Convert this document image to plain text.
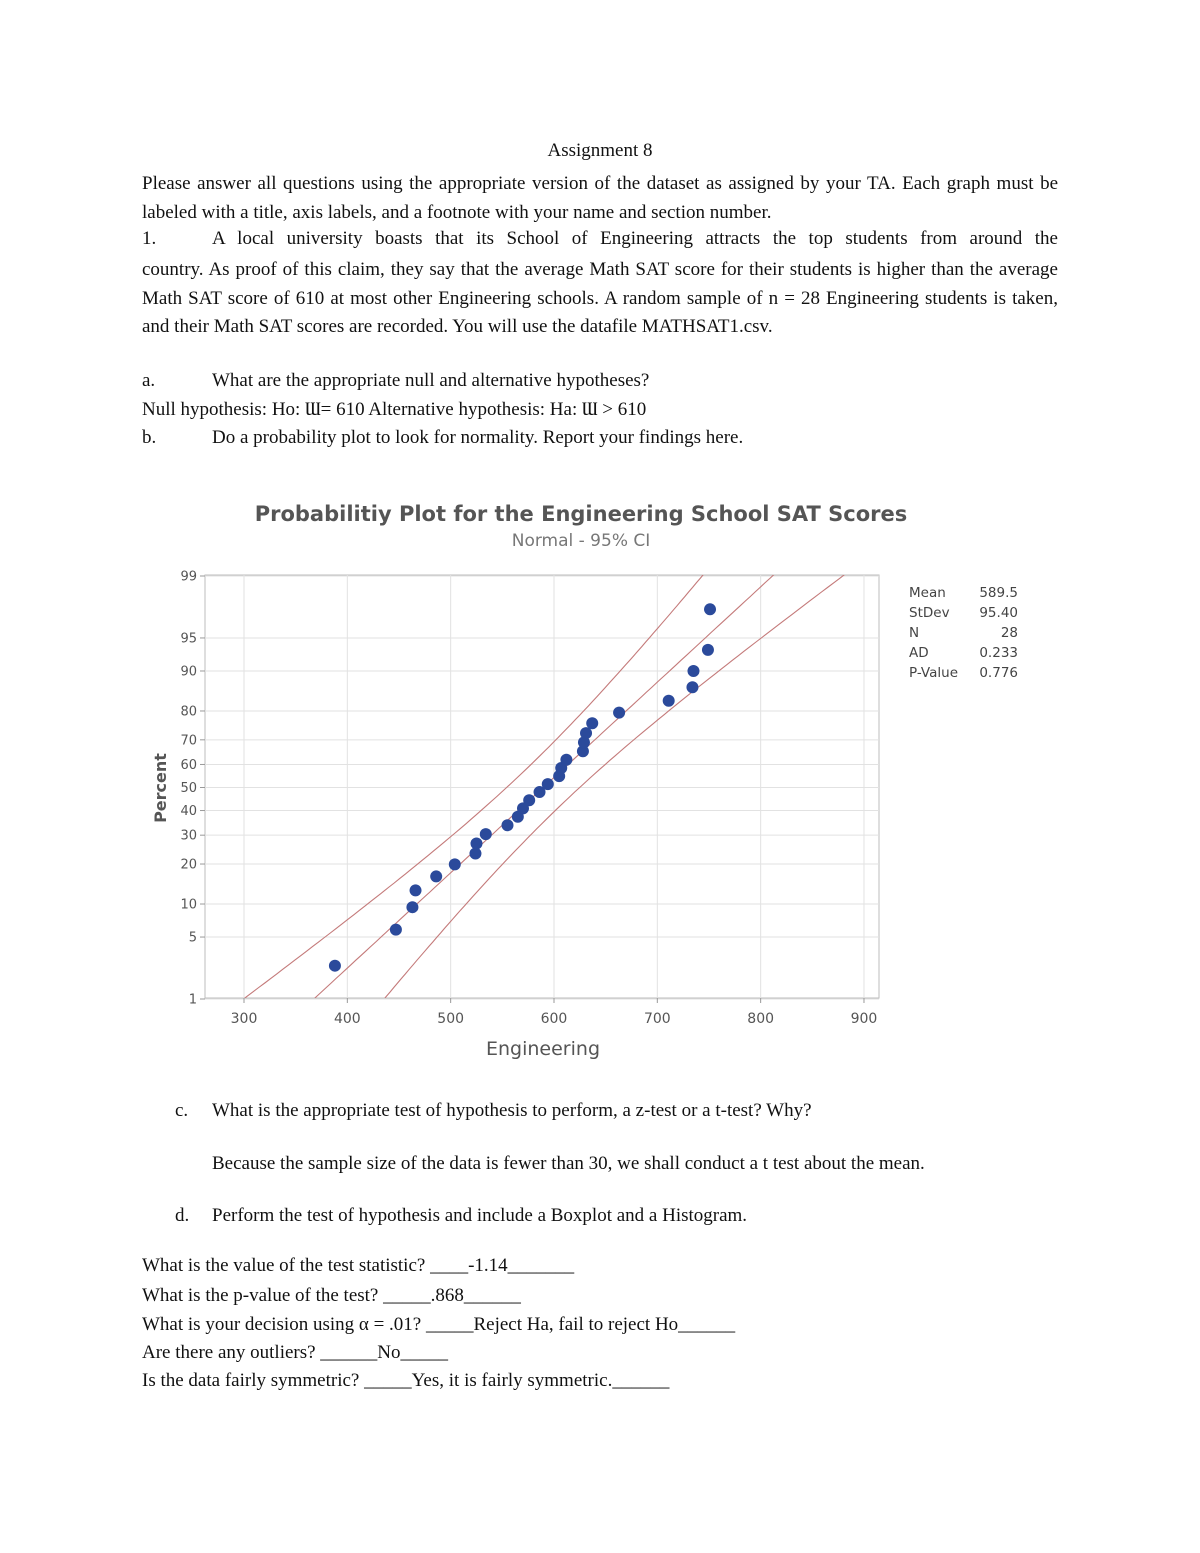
Assignment 8
Please answer all questions using the appropriate version of the dataset as assigned by your TA. Each graph must be labeled with a title, axis labels, and a footnote with your name and section number.
1.	A local university boasts that its School of Engineering attracts the top students from around the
country. As proof of this claim, they say that the average Math SAT score for their students is higher than the average Math SAT score of 610 at most other Engineering schools. A random sample of n = 28 Engineering students is taken, and their Math SAT scores are recorded. You will use the datafile MATHSAT1.csv.
a.	What are the appropriate null and alternative hypotheses?
Null hypothesis: Ho: Ɯ= 610 Alternative hypothesis: Ha: Ɯ > 610
b.	Do a probability plot to look for normality. Report your findings here.
Probabilitiy Plot for the Engineering School SAT Scores
Normal - 95% CI
300	400	500	600	700	800	900
1
5
10
20
30
40
50
60
70
80
90
95
99
Engineering
Percent
Mean 589.5
StDev 95.40
N	28
AD	0.233
P-Value 0.776
c. What is the appropriate test of hypothesis to perform, a z-test or a t-test? Why?
Because the sample size of the data is fewer than 30, we shall conduct a t test about the mean.
d. Perform the test of hypothesis and include a Boxplot and a Histogram.
What is the value of the test statistic? ____-1.14_______
What is the p-value of the test? _____.868______
What is your decision using α = .01? _____Reject Ha, fail to reject Ho______
Are there any outliers? ______No_____
Is the data fairly symmetric? _____Yes, it is fairly symmetric.______
